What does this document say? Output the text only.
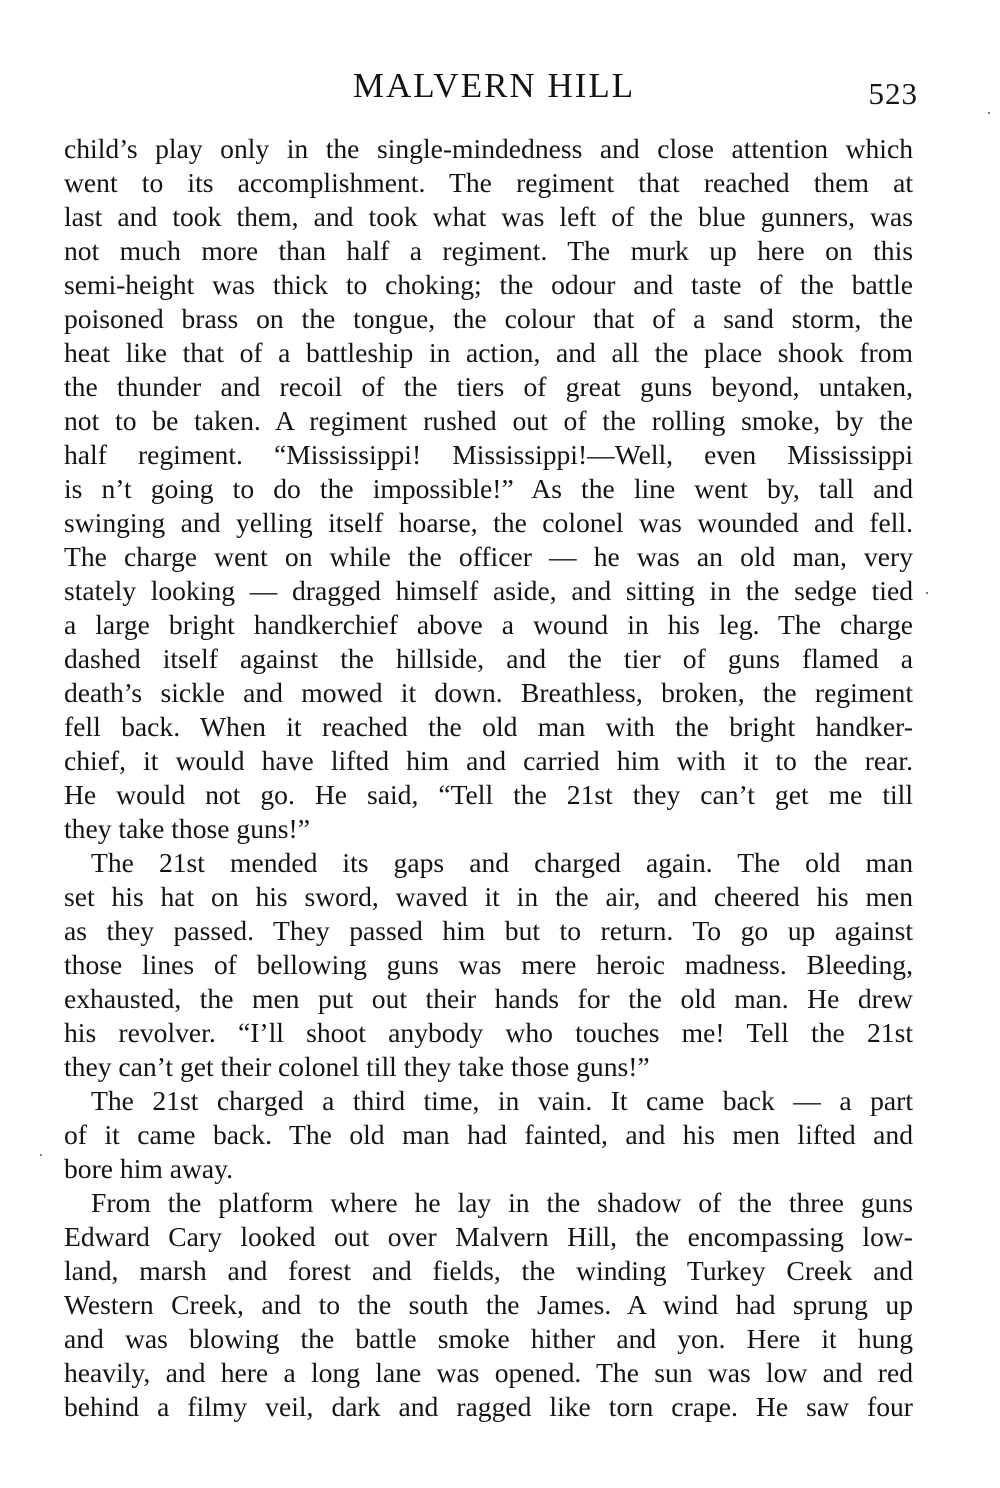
MALVERN HILL	523
child’s play only in the single-mindedness and close attention which
went to its accomplishment. The regiment that reached them at
last and took them, and took what was left of the blue gunners, was
not much more than half a regiment. The murk up here on this
semi-height was thick to choking; the odour and taste of the battle
poisoned brass on the tongue, the colour that of a sand storm, the
heat like that of a battleship in action, and all the place shook from
the thunder and recoil of the tiers of great guns beyond, untaken,
not to be taken. A regiment rushed out of the rolling smoke, by the
half regiment. “Mississippi! Mississippi!—Well, even Mississippi
is n’t going to do the impossible!” As the line went by, tall and
swinging and yelling itself hoarse, the colonel was wounded and fell.
The charge went on while the officer — he was an old man, very
stately looking — dragged himself aside, and sitting in the sedge tied
a large bright handkerchief above a wound in his leg. The charge
dashed itself against the hillside, and the tier of guns flamed a
death’s sickle and mowed it down. Breathless, broken, the regiment
fell back. When it reached the old man with the bright handker-
chief, it would have lifted him and carried him with it to the rear.
He would not go. He said, “Tell the 21st they can’t get me till
they take those guns!”
The 21st mended its gaps and charged again. The old man
set his hat on his sword, waved it in the air, and cheered his men
as they passed. They passed him but to return. To go up against
those lines of bellowing guns was mere heroic madness. Bleeding,
exhausted, the men put out their hands for the old man. He drew
his revolver. “I’ll shoot anybody who touches me! Tell the 21st
they can’t get their colonel till they take those guns!”
The 21st charged a third time, in vain. It came back — a part
of it came back. The old man had fainted, and his men lifted and
bore him away.
From the platform where he lay in the shadow of the three guns
Edward Cary looked out over Malvern Hill, the encompassing low-
land, marsh and forest and fields, the winding Turkey Creek and
Western Creek, and to the south the James. A wind had sprung up
and was blowing the battle smoke hither and yon. Here it hung
heavily, and here a long lane was opened. The sun was low and red
behind a filmy veil, dark and ragged like torn crape. He saw four
